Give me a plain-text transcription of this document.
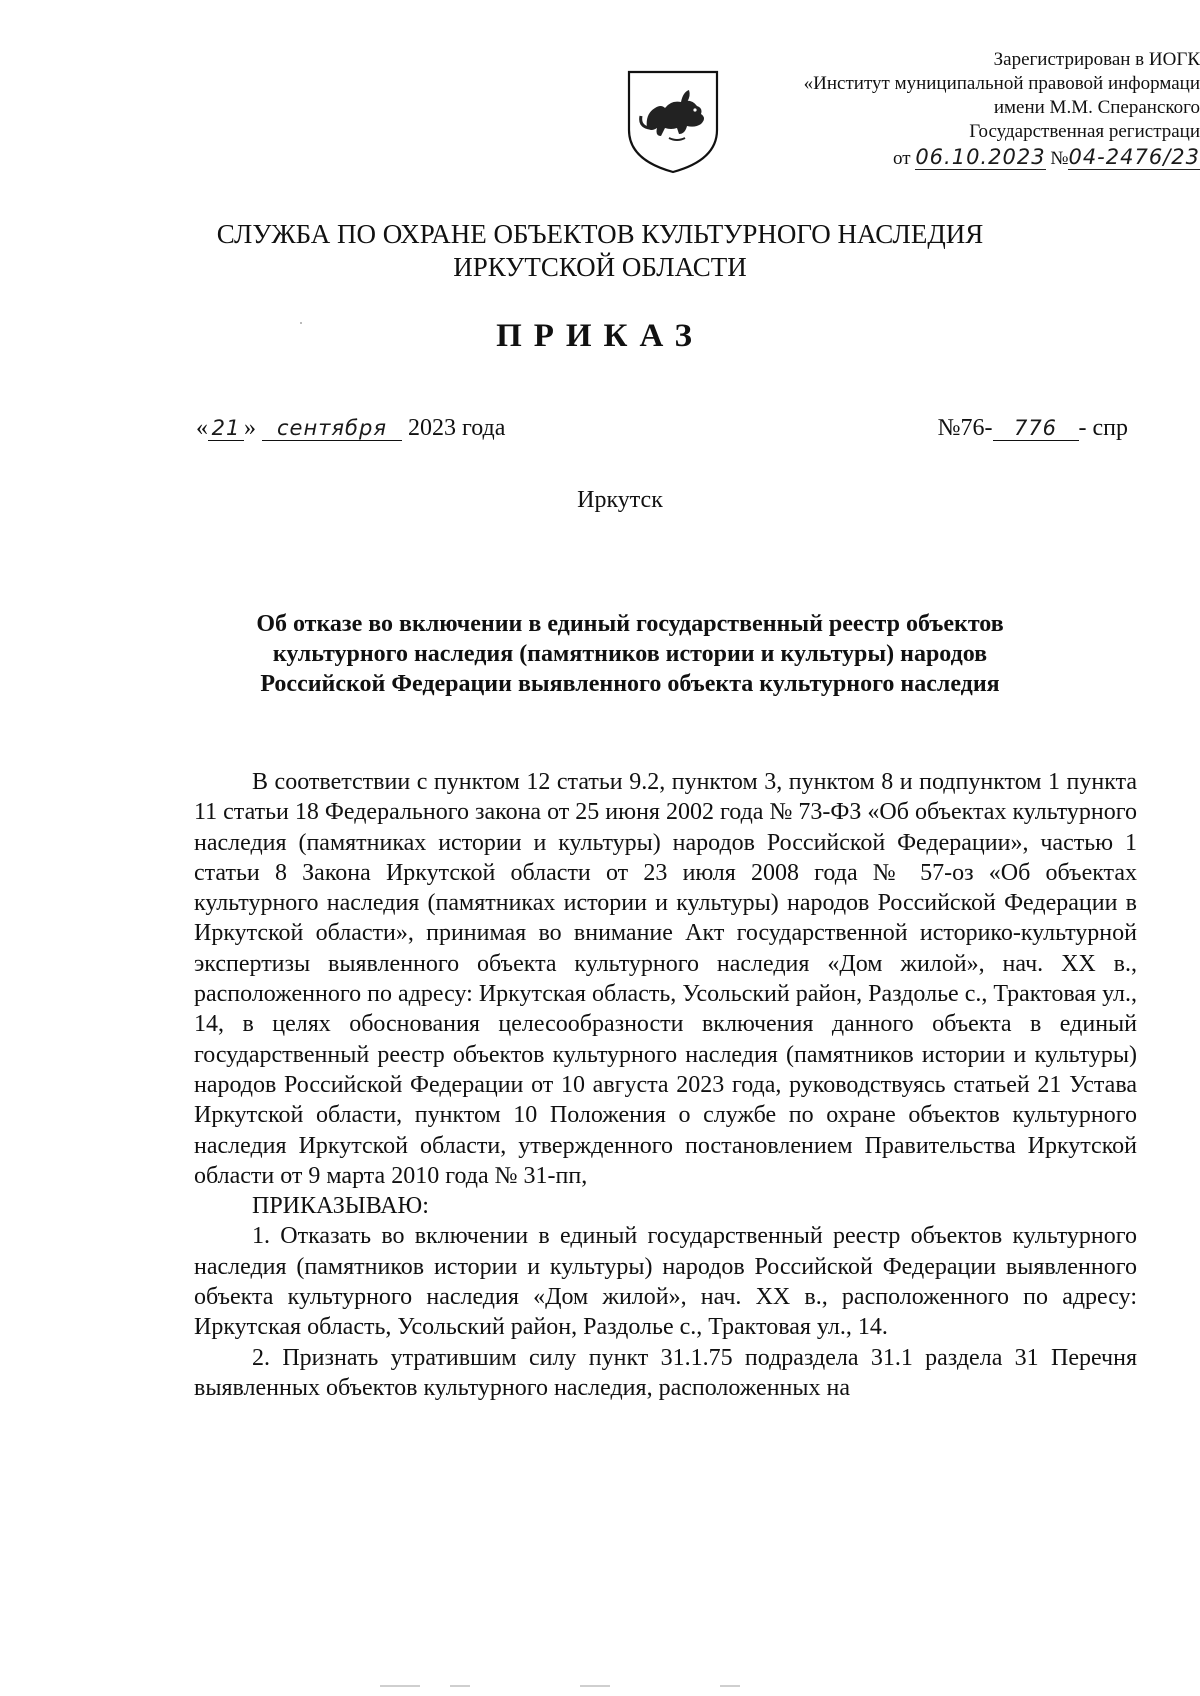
Зарегистрирован в ИОГК
«Институт муниципальной правовой информаци
имени М.М. Сперанского
Государственная регистраци
от 06.10.2023 №04-2476/23
СЛУЖБА ПО ОХРАНЕ ОБЪЕКТОВ КУЛЬТУРНОГО НАСЛЕДИЯ
ИРКУТСКОЙ ОБЛАСТИ
ПРИКАЗ
« 21 » сентября 2023 года	№76- 776 - спр
Иркутск
Об отказе во включении в единый государственный реестр объектов
культурного наследия (памятников истории и культуры) народов
Российской Федерации выявленного объекта культурного наследия

В соответствии с пунктом 12 статьи 9.2, пунктом 3, пунктом 8 и подпунктом 1 пункта 11 статьи 18 Федерального закона от 25 июня 2002 года № 73-ФЗ «Об объектах культурного наследия (памятниках истории и культуры) народов Российской Федерации», частью 1 статьи 8 Закона Иркутской области от 23 июля 2008 года № 57-оз «Об объектах культурного наследия (памятниках истории и культуры) народов Российской Федерации в Иркутской области», принимая во внимание Акт государственной историко-культурной экспертизы выявленного объекта культурного наследия «Дом жилой», нач. XX в., расположенного по адресу: Иркутская область, Усольский район, Раздолье с., Трактовая ул., 14, в целях обоснования целесообразности включения данного объекта в единый государственный реестр объектов культурного наследия (памятников истории и культуры) народов Российской Федерации от 10 августа 2023 года, руководствуясь статьей 21 Устава Иркутской области, пунктом 10 Положения о службе по охране объектов культурного наследия Иркутской области, утвержденного постановлением Правительства Иркутской области от 9 марта 2010 года № 31-пп,

ПРИКАЗЫВАЮ:

1. Отказать во включении в единый государственный реестр объектов культурного наследия (памятников истории и культуры) народов Российской Федерации выявленного объекта культурного наследия «Дом жилой», нач. XX в., расположенного по адресу: Иркутская область, Усольский район, Раздолье с., Трактовая ул., 14.

2. Признать утратившим силу пункт 31.1.75 подраздела 31.1 раздела 31 Перечня выявленных объектов культурного наследия, расположенных на
